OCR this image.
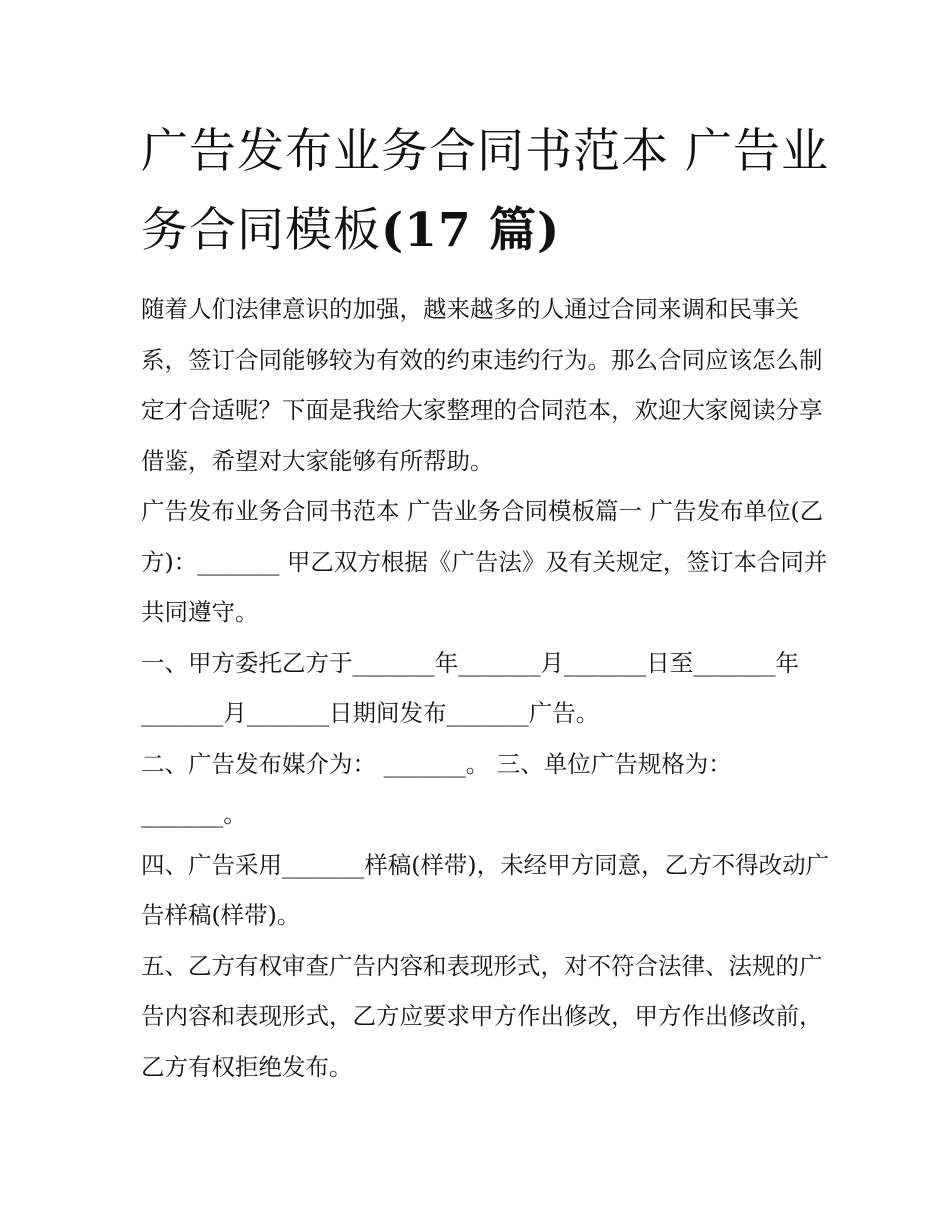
广告发布业务合同书范本 广告业务合同模板(17 篇)

随着人们法律意识的加强，越来越多的人通过合同来调和民事关系，签订合同能够较为有效的约束违约行为。那么合同应该怎么制定才合适呢？下面是我给大家整理的合同范本，欢迎大家阅读分享借鉴，希望对大家能够有所帮助。

广告发布业务合同书范本 广告业务合同模板篇一 广告发布单位(乙方)：_______ 甲乙双方根据《广告法》及有关规定，签订本合同并共同遵守。

一、甲方委托乙方于_______年_______月_______日至_______年_______月_______日期间发布_______广告。

二、广告发布媒介为： _______。 三、单位广告规格为：_______。

四、广告采用_______样稿(样带)，未经甲方同意，乙方不得改动广告样稿(样带)。

五、乙方有权审查广告内容和表现形式，对不符合法律、法规的广告内容和表现形式，乙方应要求甲方作出修改，甲方作出修改前，乙方有权拒绝发布。
